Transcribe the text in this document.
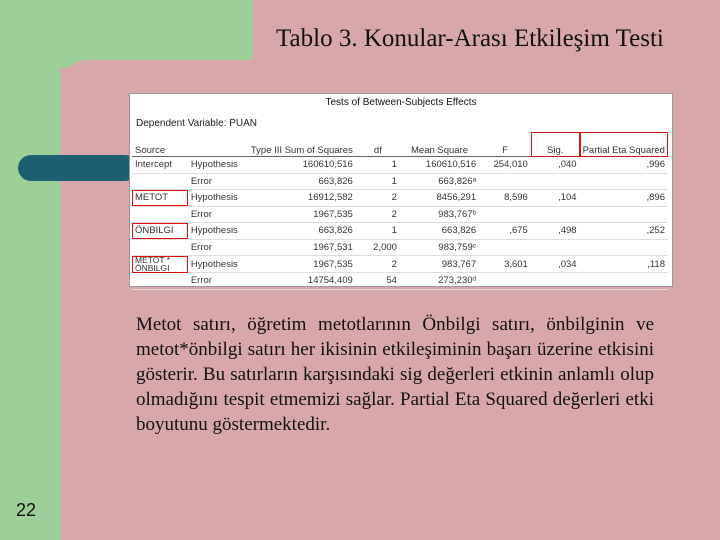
Tablo 3. Konular-Arası Etkileşim Testi
Tests of Between-Subjects Effects
Dependent Variable: PUAN
Source		Type III Sum of Squares	df	Mean Square	F	Sig.	Partial Eta Squared
Intercept	Hypothesis	160610,516	1	160610,516	254,010	,040	,996
	Error	663,826	1	663,826ᵃ			
METOT	Hypothesis	16912,582	2	8456,291	8,596	,104	,896
	Error	1967,535	2	983,767ᵇ			
ÖNBILGI	Hypothesis	663,826	1	663,826	,675	,498	,252
	Error	1967,531	2,000	983,759ᶜ			
METOT * ÖNBILGI	Hypothesis	1967,535	2	983,767	3,601	,034	,118
	Error	14754,409	54	273,230ᵈ			
Metot satırı, öğretim metotlarının Önbilgi satırı, önbilginin ve metot*önbilgi satırı her ikisinin etkileşiminin başarı üzerine etkisini gösterir. Bu satırların karşısındaki sig değerleri etkinin anlamlı olup olmadığını tespit etmemizi sağlar. Partial Eta Squared değerleri etki boyutunu göstermektedir.
22
